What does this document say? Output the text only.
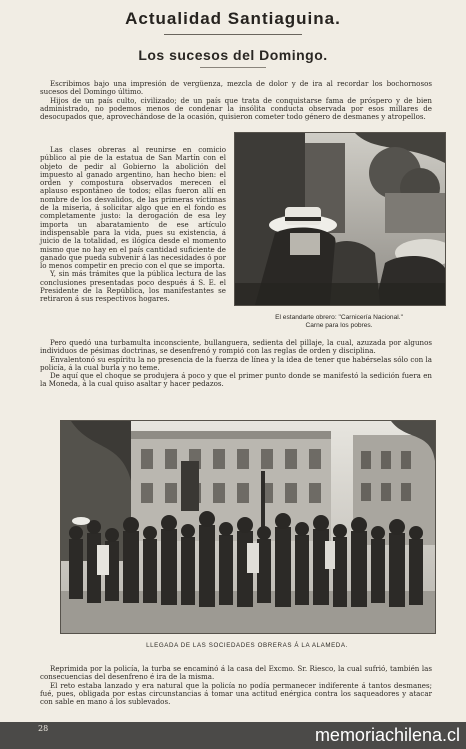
Actualidad Santiaguina.
Los sucesos del Domingo.

Escribimos bajo una impresión de vergüenza, mezcla de dolor y de ira al recordar los bochornosos sucesos del Domingo último.

Hijos de un país culto, civilizado; de un país que trata de conquistarse fama de próspero y de bien administrado, no podemos menos de condenar la insólita conducta observada por esos millares de desocupados que, aprovechándose de la ocasión, quisieron cometer todo género de desmanes y atropellos.

Las clases obreras al reunirse en comicio público al pie de la estatua de San Martín con el objeto de pedir al Gobierno la abolición del impuesto al ganado argentino, han hecho bien: el orden y compostura observados merecen el aplauso espontáneo de todos; ellas fueron allí en nombre de los desvalidos, de las primeras víctimas de la miseria, á solicitar algo que en el fondo es completamente justo: la derogación de esa ley importa un abaratamiento de ese artículo indispensable para la vida, pues su existencia, á juicio de la totalidad, es ilógica desde el momento mismo que no hay en el país cantidad suficiente de ganado que pueda subvenir á las necesidades ó por lo menos competir en precio con el que se importa.

Y, sin más trámites que la pública lectura de las conclusiones presentadas poco después á S. E. el Presidente de la República, los manifestantes se retiraron á sus respectivos hogares.

El estandarte obrero: "Carnicería Nacional."
Carne para los pobres.

Pero quedó una turbamulta inconsciente, bullanguera, sedienta del pillaje, la cual, azuzada por algunos individuos de pésimas doctrinas, se desenfrenó y rompió con las reglas de orden y disciplina.

Envalentonó su espíritu la no presencia de la fuerza de línea y la idea de tener que habérselas sólo con la policía, á la cual burla y no teme.

De aquí que el choque se produjera á poco y que el primer punto donde se manifestó la sedición fuera en la Moneda, á la cual quiso asaltar y hacer pedazos.

LLEGADA DE LAS SOCIEDADES OBRERAS Á LA ALAMEDA.

Reprimida por la policía, la turba se encaminó á la casa del Excmo. Sr. Riesco, la cual sufrió, también las consecuencias del desenfreno é ira de la misma.

El reto estaba lanzado y era natural que la policía no podía permanecer indiferente á tantos desmanes; fué, pues, obligada por estas circunstancias á tomar una actitud enérgica contra los saqueadores y atacar con sable en mano á los sublevados.

28	memoriachilena.cl
